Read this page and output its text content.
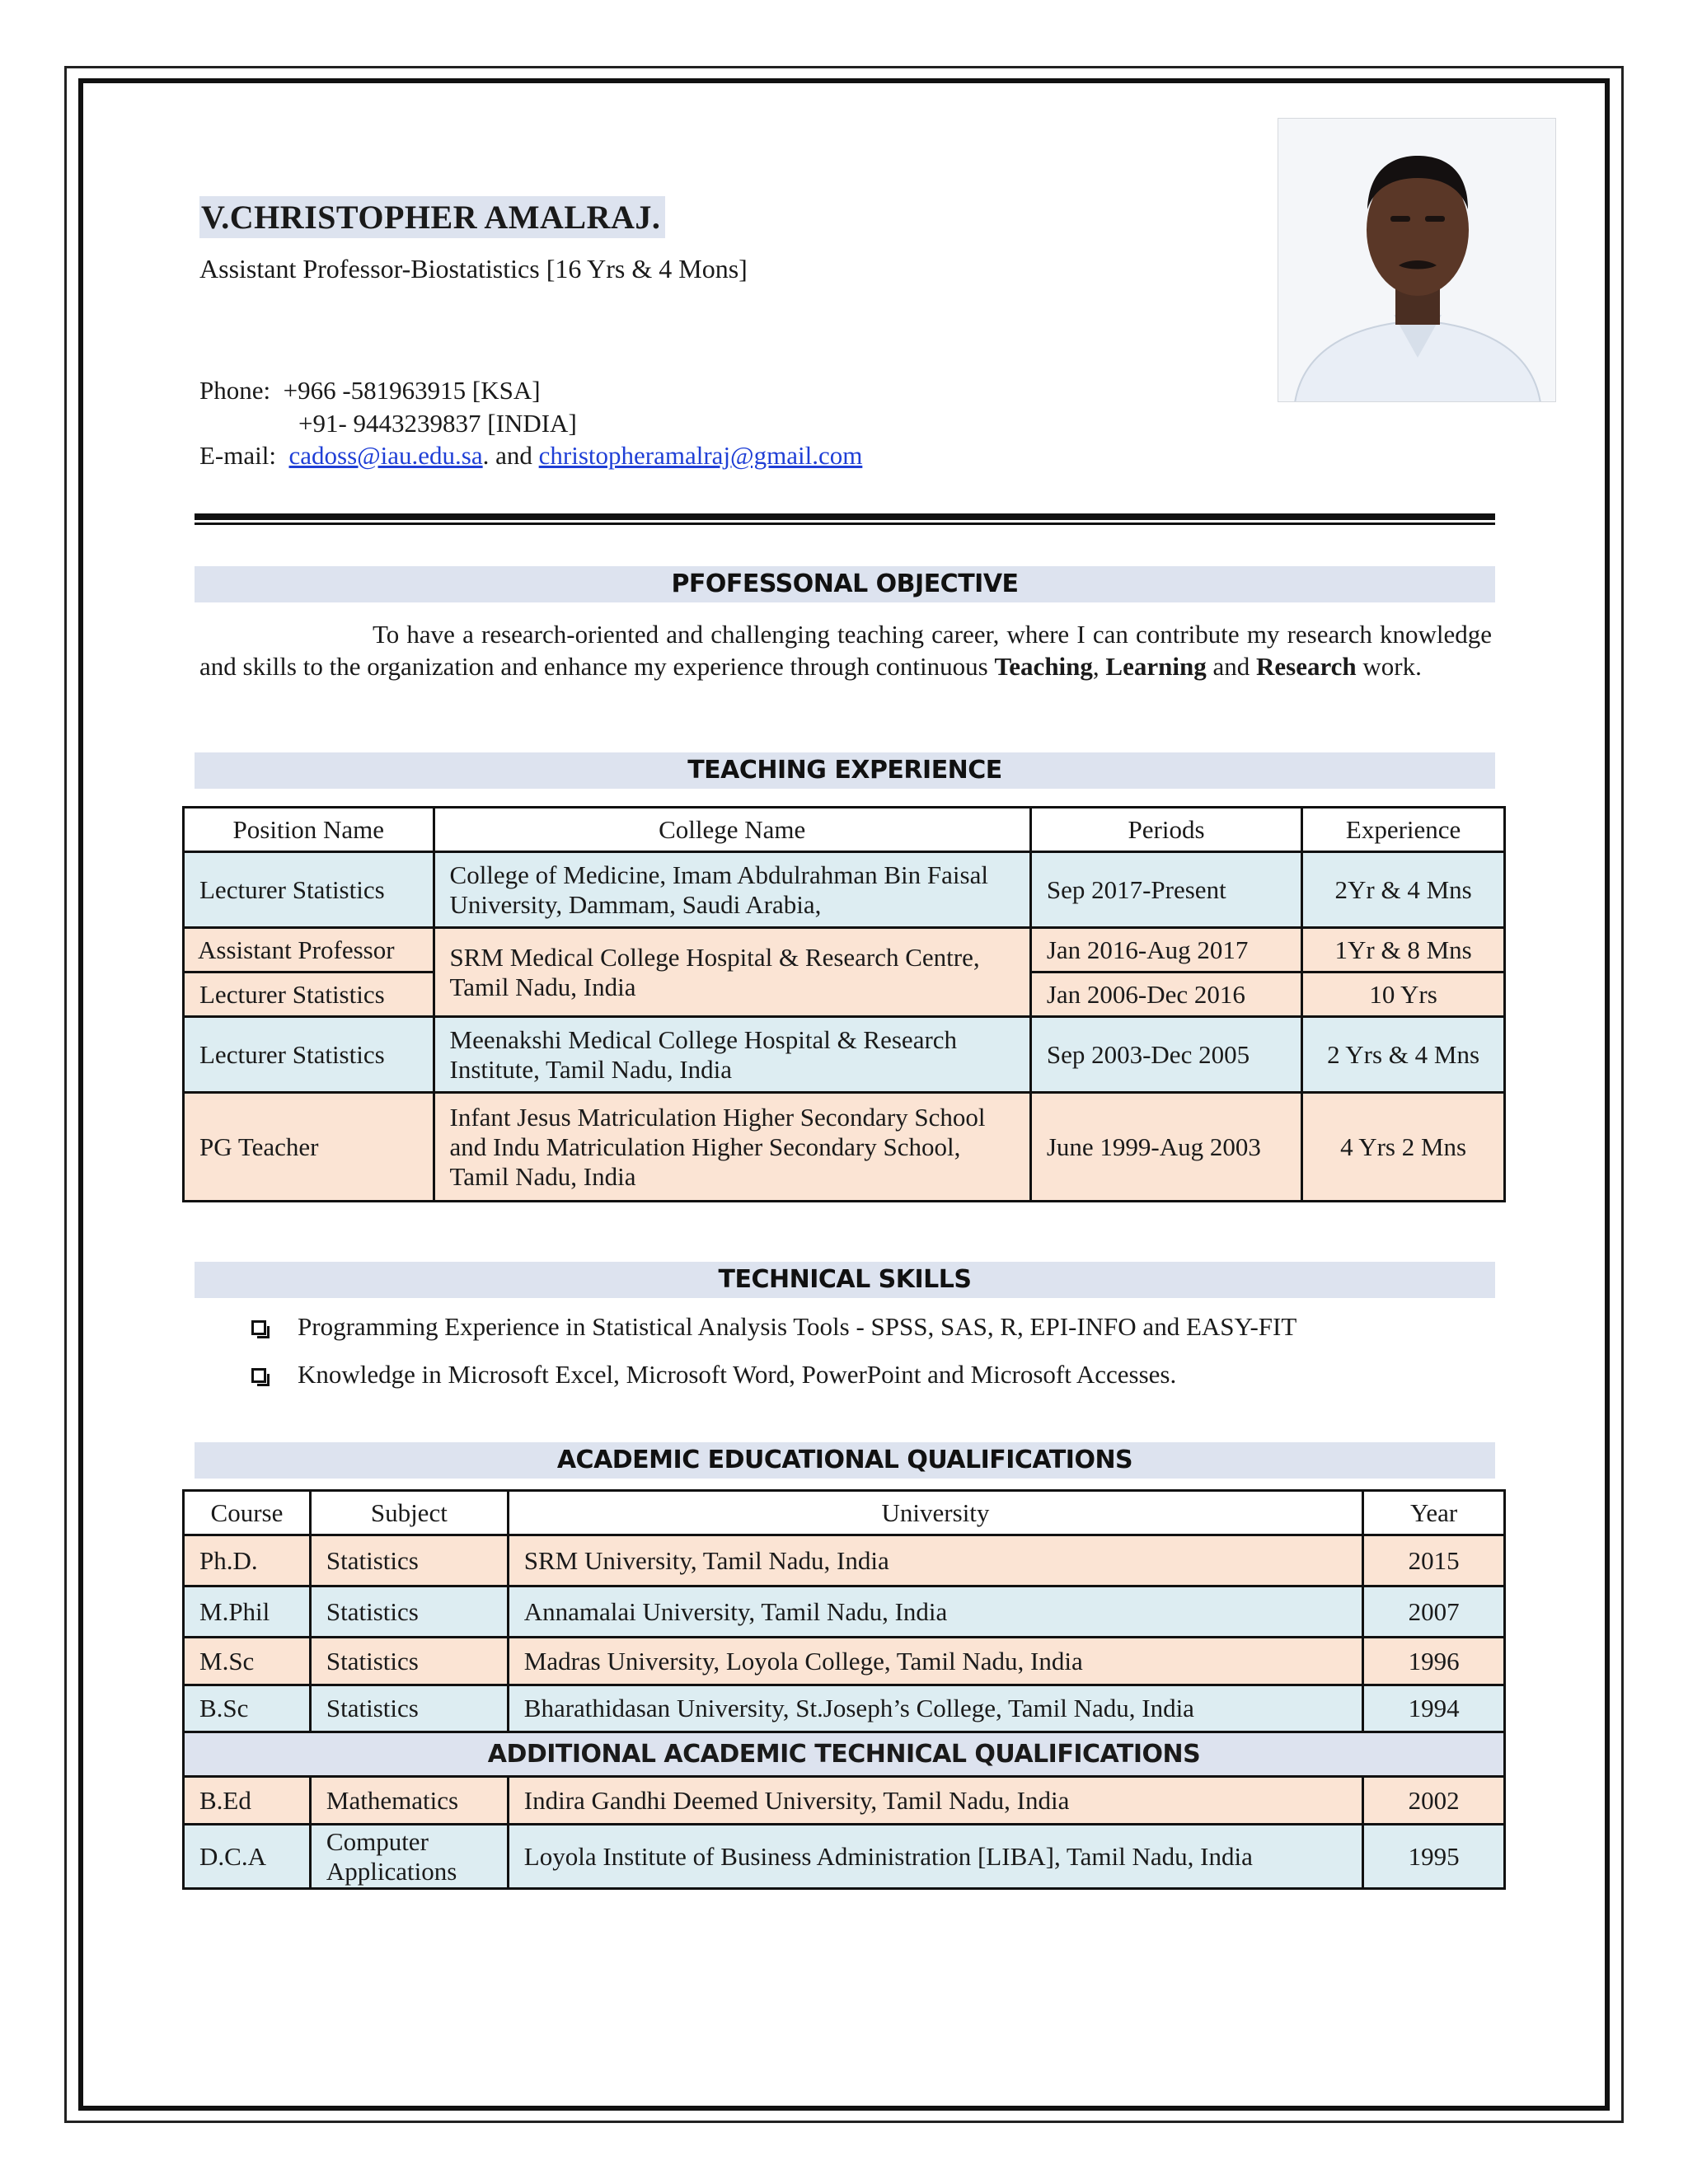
V.CHRISTOPHER AMALRAJ.
Assistant Professor-Biostatistics [16 Yrs & 4 Mons]
Phone: +966 -581963915 [KSA]
+91- 9443239837 [INDIA]
E-mail: cadoss@iau.edu.sa. and christopheramalraj@gmail.com
PFOFESSONAL OBJECTIVE
To have a research-oriented and challenging teaching career, where I can contribute my research knowledge and skills to the organization and enhance my experience through continuous Teaching, Learning and Research work.
TEACHING EXPERIENCE
Position Name	College Name	Periods	Experience
Lecturer Statistics	College of Medicine, Imam Abdulrahman Bin Faisal University, Dammam, Saudi Arabia,	Sep 2017-Present	2Yr & 4 Mns
Assistant Professor	SRM Medical College Hospital & Research Centre, Tamil Nadu, India	Jan 2016-Aug 2017	1Yr & 8 Mns
Lecturer Statistics		Jan 2006-Dec 2016	10 Yrs
Lecturer Statistics	Meenakshi Medical College Hospital & Research Institute, Tamil Nadu, India	Sep 2003-Dec 2005	2 Yrs & 4 Mns
PG Teacher	Infant Jesus Matriculation Higher Secondary School and Indu Matriculation Higher Secondary School, Tamil Nadu, India	June 1999-Aug 2003	4 Yrs 2 Mns
TECHNICAL SKILLS
Programming Experience in Statistical Analysis Tools - SPSS, SAS, R, EPI-INFO and EASY-FIT
Knowledge in Microsoft Excel, Microsoft Word, PowerPoint and Microsoft Accesses.
ACADEMIC EDUCATIONAL QUALIFICATIONS
Course	Subject	University	Year
Ph.D.	Statistics	SRM University, Tamil Nadu, India	2015
M.Phil	Statistics	Annamalai University, Tamil Nadu, India	2007
M.Sc	Statistics	Madras University, Loyola College, Tamil Nadu, India	1996
B.Sc	Statistics	Bharathidasan University, St.Joseph’s College, Tamil Nadu, India	1994
ADDITIONAL ACADEMIC TECHNICAL QUALIFICATIONS			
B.Ed	Mathematics	Indira Gandhi Deemed University, Tamil Nadu, India	2002
D.C.A	Computer Applications	Loyola Institute of Business Administration [LIBA], Tamil Nadu, India	1995
